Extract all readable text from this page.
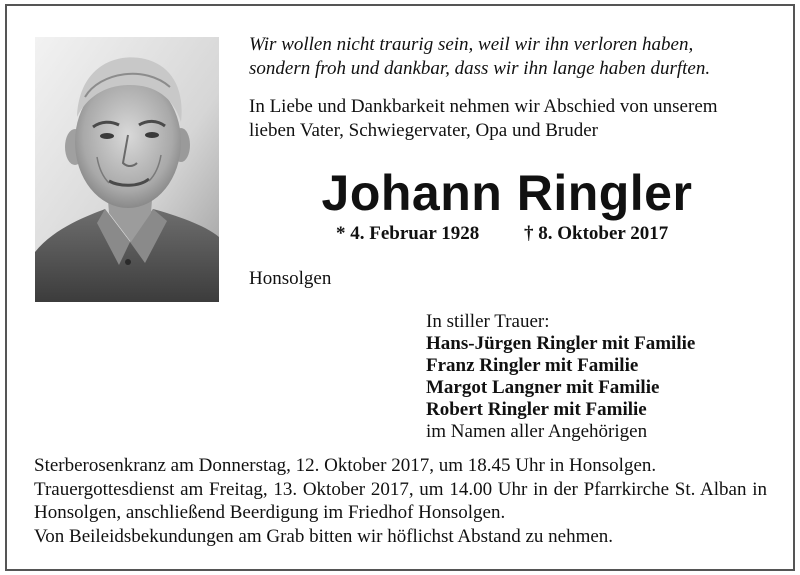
Wir wollen nicht traurig sein, weil wir ihn verloren haben,
sondern froh und dankbar, dass wir ihn lange haben durften.
In Liebe und Dankbarkeit nehmen wir Abschied von unserem
lieben Vater, Schwiegervater, Opa und Bruder
Johann Ringler
* 4. Februar 1928 † 8. Oktober 2017
Honsolgen
In stiller Trauer:
Hans-Jürgen Ringler mit Familie
Franz Ringler mit Familie
Margot Langner mit Familie
Robert Ringler mit Familie
im Namen aller Angehörigen

Sterberosenkranz am Donnerstag, 12. Oktober 2017, um 18.45 Uhr in Honsolgen.

Trauergottesdienst am Freitag, 13. Oktober 2017, um 14.00 Uhr in der Pfarrkirche St. Alban in Honsolgen, anschließend Beerdigung im Friedhof Honsolgen.

Von Beileidsbekundungen am Grab bitten wir höflichst Abstand zu nehmen.
